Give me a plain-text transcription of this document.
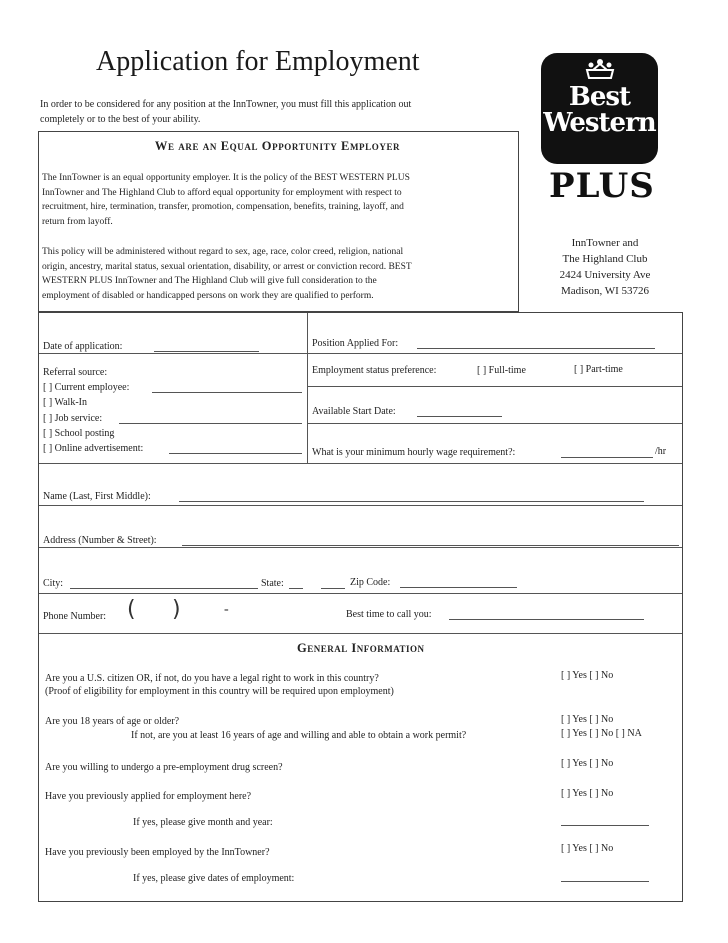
Application for Employment
In order to be considered for any position at the InnTowner, you must fill this application out
completely or to the best of your ability.
We are an Equal Opportunity Employer
The InnTowner is an equal opportunity employer. It is the policy of the BEST WESTERN PLUS
InnTowner and The Highland Club to afford equal opportunity for employment with respect to
recruitment, hire, termination, transfer, promotion, compensation, benefits, training, layoff, and
return from layoff.
This policy will be administered without regard to sex, age, race, color creed, religion, national
origin, ancestry, marital status, sexual orientation, disability, or arrest or conviction record. BEST
WESTERN PLUS InnTowner and The Highland Club will give full consideration to the
employment of disabled or handicapped persons on work they are qualified to perform.
Best
Western
PLUS
InnTowner and
The Highland Club
2424 University Ave
Madison, WI 53726
Date of application:	Position Applied For:
Referral source:
[ ] Current employee:
[ ] Walk-In
[ ] Job service:
[ ] School posting
[ ] Online advertisement:
Employment status preference:	[ ] Full-time	[ ] Part-time
Available Start Date:
What is your minimum hourly wage requirement?:	/hr
Name (Last, First Middle):
Address (Number & Street):
City:	State:	Zip Code:
Phone Number: ( )	-	Best time to call you:
General Information
Are you a U.S. citizen OR, if not, do you have a legal right to work in this country?
(Proof of eligibility for employment in this country will be required upon employment)
[ ] Yes [ ] No
Are you 18 years of age or older?	[ ] Yes [ ] No
If not, are you at least 16 years of age and willing and able to obtain a work permit?	[ ] Yes [ ] No [ ] NA
Are you willing to undergo a pre-employment drug screen?	[ ] Yes [ ] No
Have you previously applied for employment here?	[ ] Yes [ ] No
If yes, please give month and year:
Have you previously been employed by the InnTowner?	[ ] Yes [ ] No
If yes, please give dates of employment:
